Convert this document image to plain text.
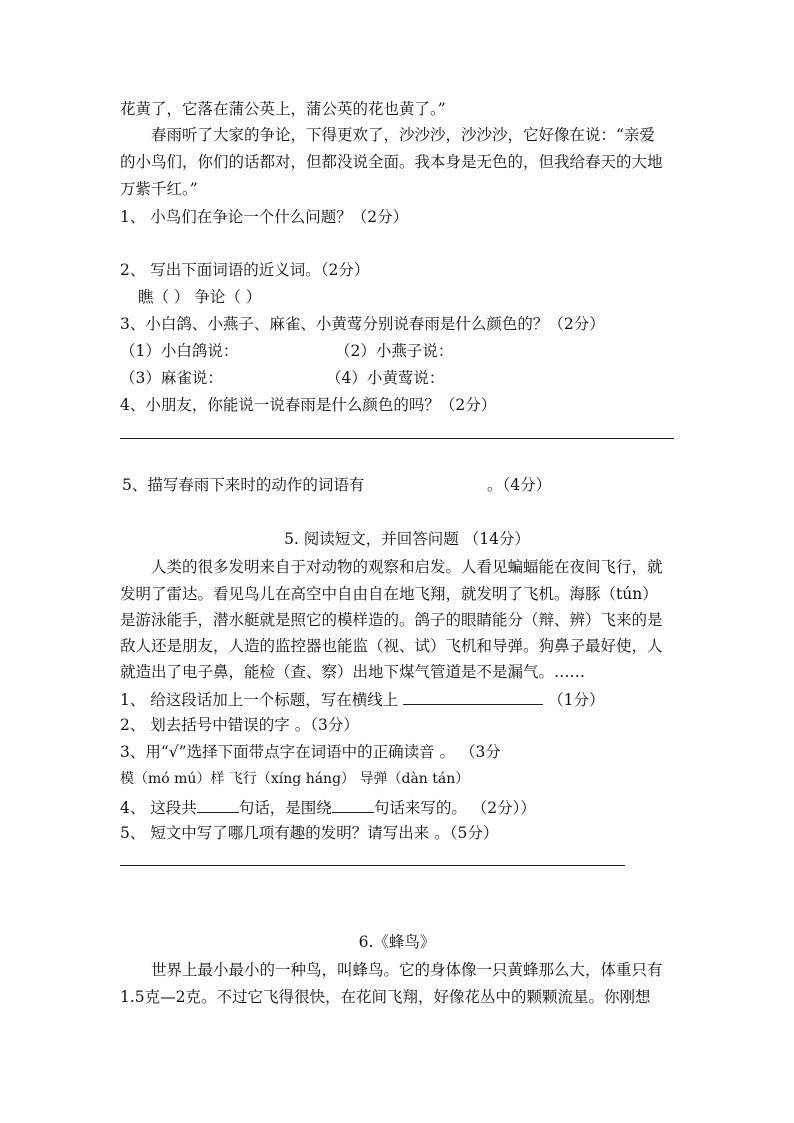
花黄了，它落在蒲公英上，蒲公英的花也黄了。”
春雨听了大家的争论，下得更欢了，沙沙沙，沙沙沙，它好像在说：“亲爱
的小鸟们，你们的话都对，但都没说全面。我本身是无色的，但我给春天的大地
万紫千红。”
1、 小鸟们在争论一个什么问题？（2分）
2、 写出下面词语的近义词。（2分）
瞧（ ） 争论（ ）
3、小白鸽、小燕子、麻雀、小黄莺分别说春雨是什么颜色的？（2分）
（1）小白鸽说：	（2）小燕子说：
（3）麻雀说：	（4）小黄莺说：
4、小朋友，你能说一说春雨是什么颜色的吗？（2分）
5、描写春雨下来时的动作的词语有	。（4分）
5. 阅读短文，并回答问题 （14分）
人类的很多发明来自于对动物的观察和启发。人看见蝙蝠能在夜间飞行，就
发明了雷达。看见鸟儿在高空中自由自在地飞翔，就发明了飞机。海豚（tún）
是游泳能手，潜水艇就是照它的模样造的。鸽子的眼睛能分（辩、辨）飞来的是
敌人还是朋友，人造的监控器也能监（视、试）飞机和导弹。狗鼻子最好使，人
就造出了电子鼻，能检（查、察）出地下煤气管道是不是漏气。……
1、 给这段话加上一个标题，写在横线上	（1分）
2、 划去括号中错误的字 。（3分）
3、用“√”选择下面带点字在词语中的正确读音 。 （3分
模（mó mú）样 飞行（xíng háng） 导弹（dàn tán）
4、 这段共	句话，是围绕	句话来写的。 （2分））
5、 短文中写了哪几项有趣的发明？请写出来 。（5分）
6.《蜂鸟》
世界上最小最小的一种鸟，叫蜂鸟。它的身体像一只黄蜂那么大，体重只有
1.5克—2克。不过它飞得很快，在花间飞翔，好像花丛中的颗颗流星。你刚想
